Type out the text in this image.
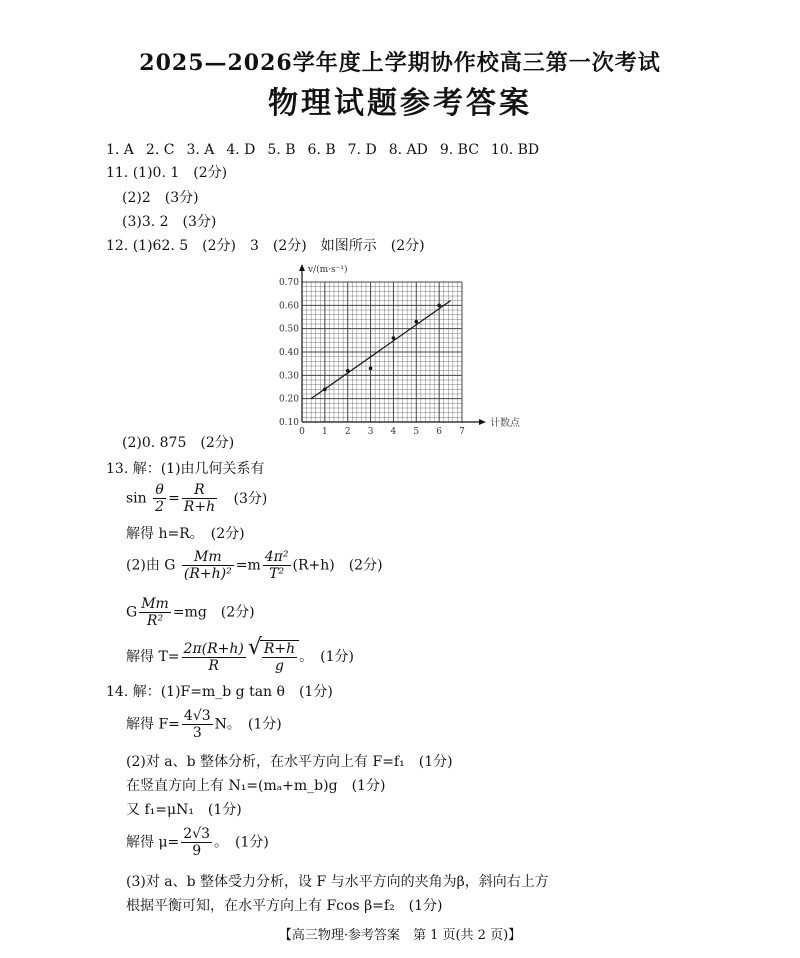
2025—2026学年度上学期协作校高三第一次考试
物理试题参考答案
1. A 2. C 3. A 4. D 5. B 6. B 7. D 8. AD 9. BC 10. BD
11. (1)0. 1　(2分)
(2)2　(3分)
(3)3. 2　(3分)
12. (1)62. 5　(2分)　3　(2分)　如图所示　(2分)
0 1 2 3 4 5 6 7
0.10
0.20
0.30
0.40
0.50
0.60
0.70
v/(m·s⁻¹)
计数点
(2)0. 875　(2分)
13. 解：(1)由几何关系有
$\sin \frac{\theta}{2} = \frac{R}{R+h} (3$分)
解得 h=R。　(2分)
(2)由 G $\frac{Mm}{\text{(R+h)²}} =m \frac{\text{4π²}}{\text{T²}} (R+h)$　(2分)
G $\frac{Mm}{\text{R²}} =mg$　(2分)
解得 $T= \frac{2\pi(R+h)}{R}$ √ $\frac{R+h}{g}$ 。　(1分)
14. 解：(1)F=m_b g tan θ　(1分)
解得 $F= \frac{4√3}{3}$ N。　(1分)
(2)对 a、b 整体分析，在水平方向上有 F=f₁　(1分)
在竖直方向上有 N₁=(mₐ+m_b)g　(1分)
又 f₁=μN₁　(1分)
解得 $\mu= \frac{2√3}{9}$ 。　(1分)
(3)对 a、b 整体受力分析，设 F 与水平方向的夹角为β，斜向右上方
根据平衡可知，在水平方向上有 Fcos β=f₂　(1分)
【高三物理·参考答案　第 1 页(共 2 页)】
